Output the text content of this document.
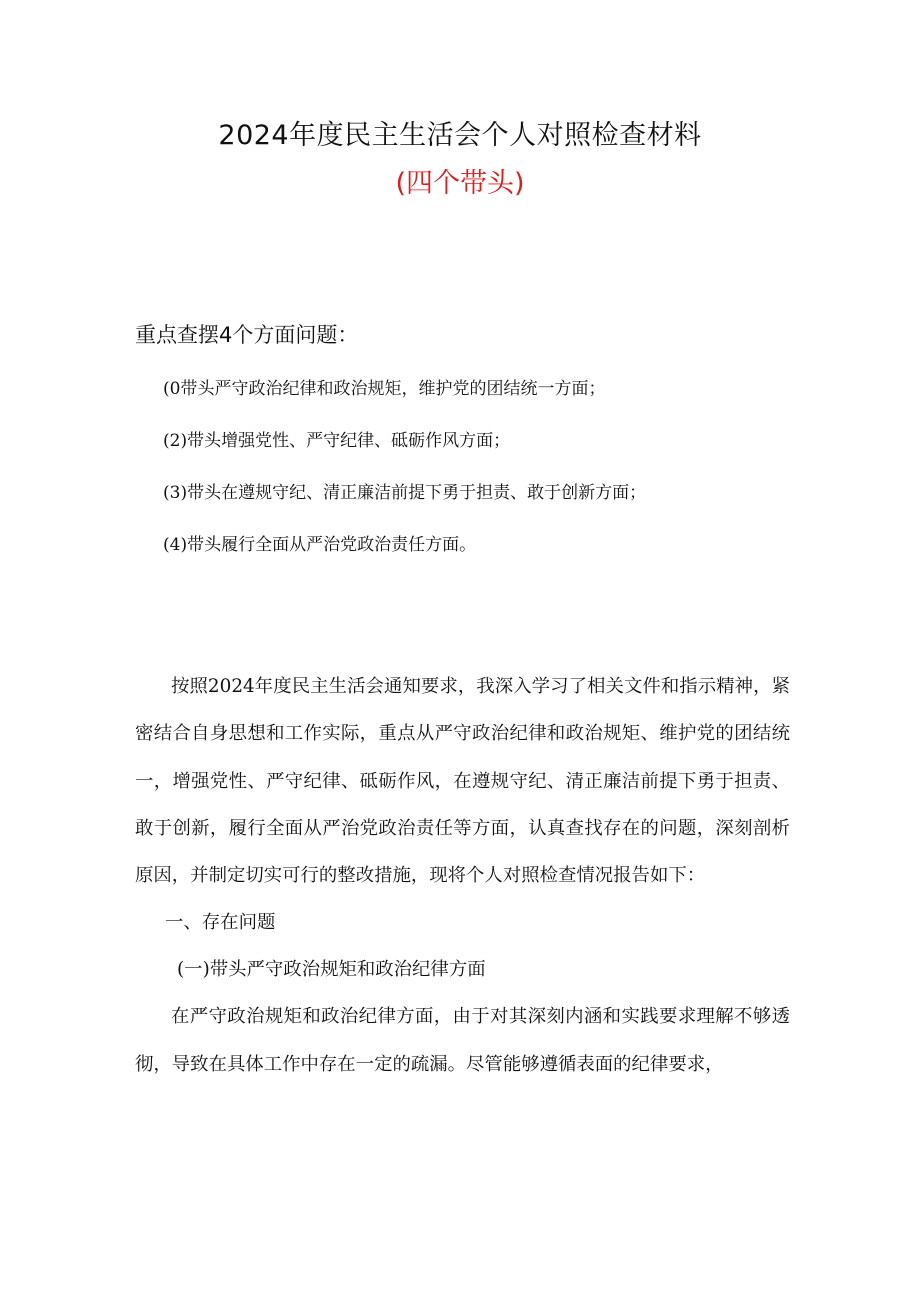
2024年度民主生活会个人对照检查材料
(四个带头)
重点查摆4个方面问题：
(0带头严守政治纪律和政治规矩，维护党的团结统一方面；
(2)带头增强党性、严守纪律、砥砺作风方面；
(3)带头在遵规守纪、清正廉洁前提下勇于担责、敢于创新方面；
(4)带头履行全面从严治党政治责任方面。

按照2024年度民主生活会通知要求，我深入学习了相关文件和指示精神，紧密结合自身思想和工作实际，重点从严守政治纪律和政治规矩、维护党的团结统一，增强党性、严守纪律、砥砺作风，在遵规守纪、清正廉洁前提下勇于担责、敢于创新，履行全面从严治党政治责任等方面，认真查找存在的问题，深刻剖析原因，并制定切实可行的整改措施，现将个人对照检查情况报告如下：

一、存在问题

(一)带头严守政治规矩和政治纪律方面

在严守政治规矩和政治纪律方面，由于对其深刻内涵和实践要求理解不够透彻，导致在具体工作中存在一定的疏漏。尽管能够遵循表面的纪律要求，
